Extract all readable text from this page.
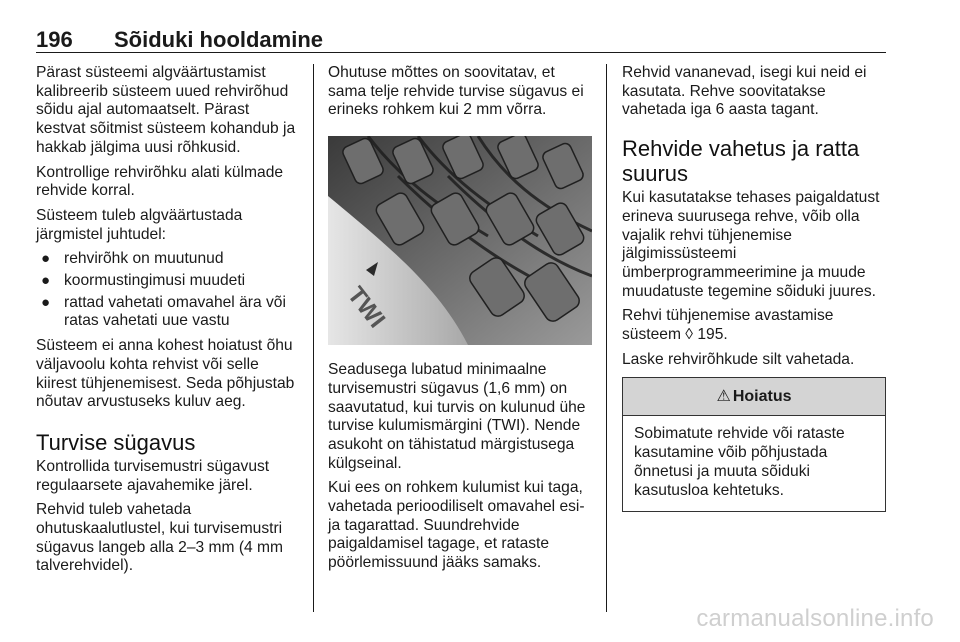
196 Sõiduki hooldamine

Pärast süsteemi algväärtustamist kalibreerib süsteem uued rehvirõhud sõidu ajal automaatselt. Pärast kestvat sõitmist süsteem kohandub ja hakkab jälgima uusi rõhkusid.

Kontrollige rehvirõhku alati külmade rehvide korral.

Süsteem tuleb algväärtustada järgmistel juhtudel:

● rehvirõhk on muutunud
● koormustingimusi muudeti
● rattad vahetati omavahel ära või ratas vahetati uue vastu

Süsteem ei anna kohest hoiatust õhu väljavoolu kohta rehvist või selle kiirest tühjenemisest. Seda põhjustab nõutav arvustuseks kuluv aeg.

Turvise sügavus

Kontrollida turvisemustri sügavust regulaarsete ajavahemike järel.

Rehvid tuleb vahetada ohutuskaalutlustel, kui turvisemustri sügavus langeb alla 2–3 mm (4 mm talverehvidel).

Ohutuse mõttes on soovitatav, et sama telje rehvide turvise sügavus ei erineks rohkem kui 2 mm võrra.

TWI

Seadusega lubatud minimaalne turvisemustri sügavus (1,6 mm) on saavutatud, kui turvis on kulunud ühe turvise kulumismärgini (TWI). Nende asukoht on tähistatud märgistusega külgseinal.

Kui ees on rohkem kulumist kui taga, vahetada perioodiliselt omavahel esi- ja tagarattad. Suundrehvide paigaldamisel tagage, et rataste pöörlemissuund jääks samaks.

Rehvid vananevad, isegi kui neid ei kasutata. Rehve soovitatakse vahetada iga 6 aasta tagant.

Rehvide vahetus ja ratta suurus

Kui kasutatakse tehases paigaldatust erineva suurusega rehve, võib olla vajalik rehvi tühjenemise jälgimissüsteemi ümberprogrammeerimine ja muude muudatuste tegemine sõiduki juures.

Rehvi tühjenemise avastamise süsteem ◊ 195.

Laske rehvirõhkude silt vahetada.

⚠ Hoiatus
Sobimatute rehvide või rataste kasutamine võib põhjustada õnnetusi ja muuta sõiduki kasutusloa kehtetuks.
carmanualsonline.info
